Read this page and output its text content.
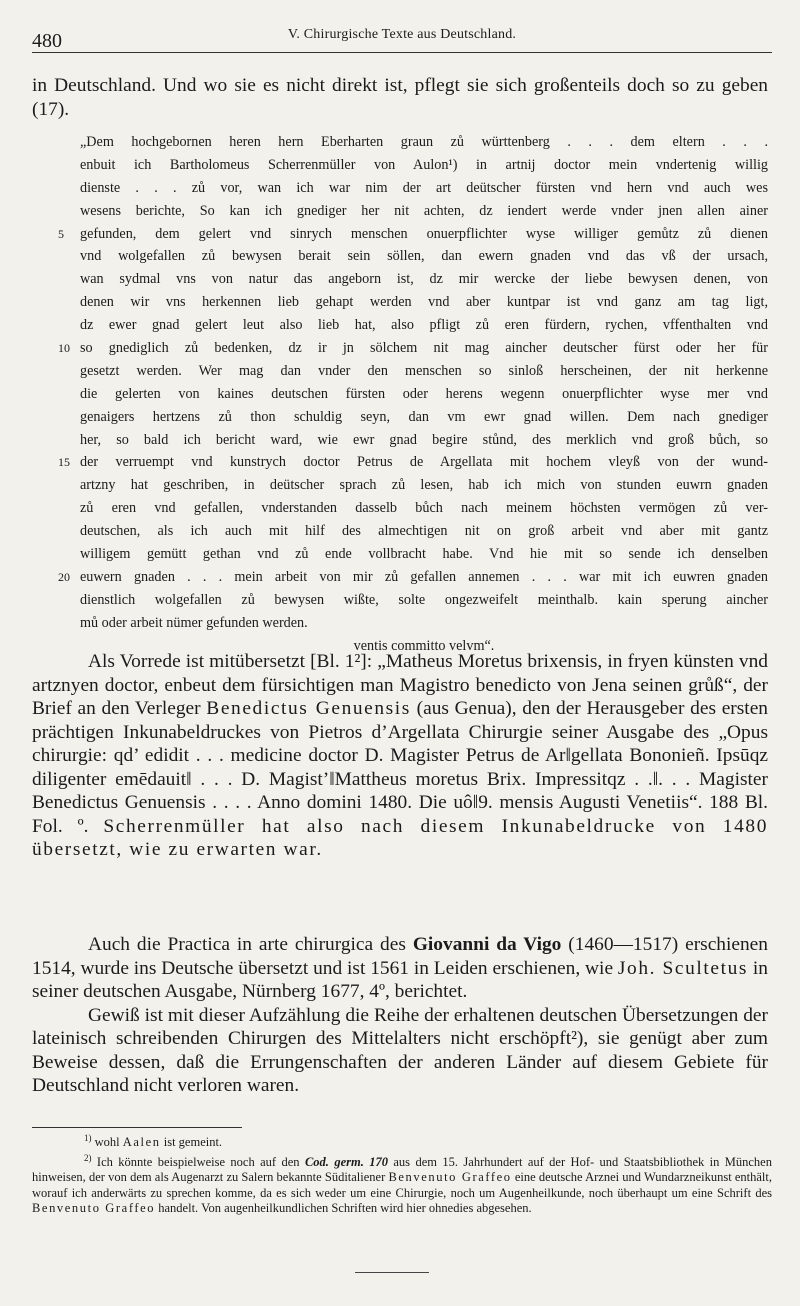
480	V. Chirurgische Texte aus Deutschland.

in Deutschland. Und wo sie es nicht direkt ist, pflegt sie sich großenteils doch so zu geben (17).

„Dem hochgebornen heren hern Eberharten graun zů württenberg . . . dem eltern . . .
enbuit ich Bartholomeus Scherrenmüller von Aulon¹) in artnij doctor mein vndertenig willig
dienste . . . zů vor, wan ich war nim der art deütscher fürsten vnd hern vnd auch wes
wesens berichte, So kan ich gnediger her nit achten, dz iendert werde vnder jnen allen ainer
gefunden, dem gelert vnd sinrych menschen onuerpflichter wyse williger gemůtz zů dienen
5
vnd wolgefallen zů bewysen berait sein söllen, dan ewern gnaden vnd das vß der ursach,
wan sydmal vns von natur das angeborn ist, dz mir wercke der liebe bewysen denen, von
denen wir vns herkennen lieb gehapt werden vnd aber kuntpar ist vnd ganz am tag ligt,
dz ewer gnad gelert leut also lieb hat, also pfligt zů eren fürdern, rychen, vffenthalten vnd
so gnediglich zů bedenken, dz ir jn sölchem nit mag aincher deutscher fürst oder her für
10
gesetzt werden. Wer mag dan vnder den menschen so sinloß herscheinen, der nit herkenne
die gelerten von kaines deutschen fürsten oder herens wegenn onuerpflichter wyse mer vnd
genaigers hertzens zů thon schuldig seyn, dan vm ewr gnad willen. Dem nach gnediger
her, so bald ich bericht ward, wie ewr gnad begire stůnd, des merklich vnd groß bůch, so
der verruempt vnd kunstrych doctor Petrus de Argellata mit hochem vleyß von der wund-
15
artzny hat geschriben, in deütscher sprach zů lesen, hab ich mich von stunden euwrn gnaden
zů eren vnd gefallen, vnderstanden dasselb bůch nach meinem höchsten vermögen zů ver-
deutschen, als ich auch mit hilf des almechtigen nit on groß arbeit vnd aber mit gantz
willigem gemütt gethan vnd zů ende vollbracht habe. Vnd hie mit so sende ich denselben
euwern gnaden . . . mein arbeit von mir zů gefallen annemen . . . war mit ich euwren gnaden
20
dienstlich wolgefallen zů bewysen wißte, solte ongezweifelt meinthalb. kain sperung aincher
mů oder arbeit nümer gefunden werden.
ventis committo velvm“.

Als Vorrede ist mitübersetzt [Bl. 1²]: „Matheus Moretus brixensis, in fryen künsten vnd artznyen doctor, enbeut dem fürsichtigen man Magistro benedicto von Jena seinen grůß“, der Brief an den Verleger Benedictus Genuensis (aus Genua), den der Herausgeber des ersten prächtigen Inkunabeldruckes von Pietros d’Argellata Chirurgie seiner Ausgabe des „Opus chirurgie: qd’ edidit . . . medicine doctor D. Magister Petrus de Ar‖gellata Bononieñ. Ipsūqz diligenter emēdauit‖ . . . D. Magist’‖Mattheus moretus Brix. Impressitqz . .‖. . . Magister Benedictus Genuensis . . . . Anno domini 1480. Die uô‖9. mensis Augusti Venetiis“. 188 Bl. Fol. º. Scherrenmüller hat also nach diesem Inkunabeldrucke von 1480 übersetzt, wie zu erwarten war.

Auch die Practica in arte chirurgica des Giovanni da Vigo (1460—1517) erschienen 1514, wurde ins Deutsche übersetzt und ist 1561 in Leiden erschienen, wie Joh. Scultetus in seiner deutschen Ausgabe, Nürnberg 1677, 4º, berichtet.

Gewiß ist mit dieser Aufzählung die Reihe der erhaltenen deutschen Übersetzungen der lateinisch schreibenden Chirurgen des Mittelalters nicht erschöpft²), sie genügt aber zum Beweise dessen, daß die Errungenschaften der anderen Länder auf diesem Gebiete für Deutschland nicht verloren waren.

$^{1)}$ wohl Aalen ist gemeint.

$^{2)}$ Ich könnte beispielweise noch auf den Cod. germ. 170 aus dem 15. Jahrhundert auf der Hof- und Staatsbibliothek in München hinweisen, der von dem als Augenarzt zu Salern bekannte Süditaliener Benvenuto Graffeo eine deutsche Arznei und Wundarzneikunst enthält, worauf ich anderwärts zu sprechen komme, da es sich weder um eine Chirurgie, noch um Augenheilkunde, noch überhaupt um eine Schrift des Benvenuto Graffeo handelt. Von augenheilkundlichen Schriften wird hier ohnedies abgesehen.
